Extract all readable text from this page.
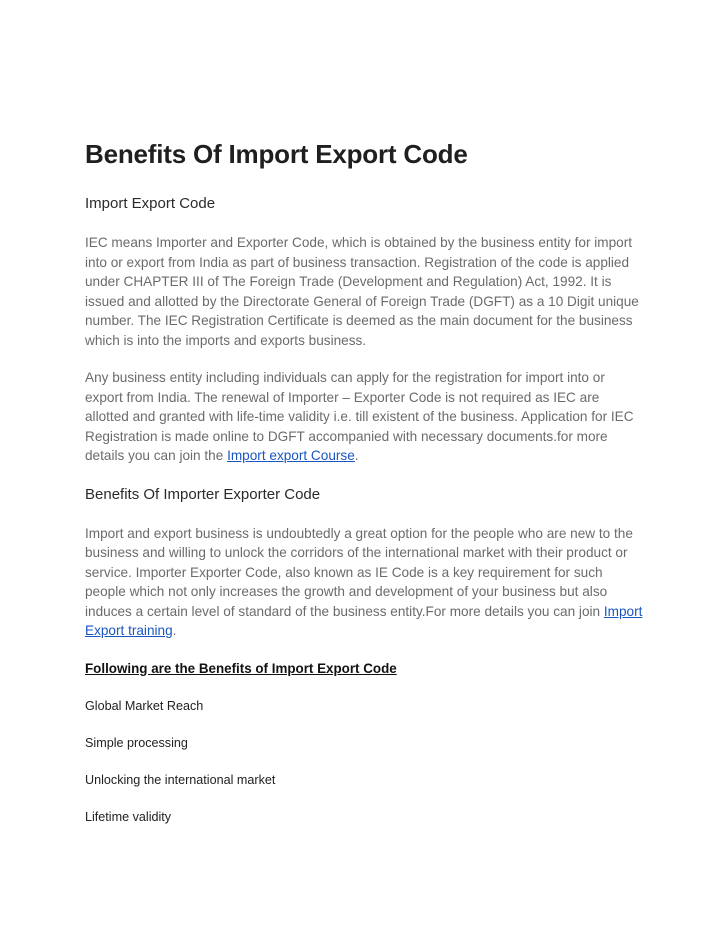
Benefits Of Import Export Code
Import Export Code

IEC means Importer and Exporter Code, which is obtained by the business entity for import into or export from India as part of business transaction. Registration of the code is applied under CHAPTER III of The Foreign Trade (Development and Regulation) Act, 1992. It is issued and allotted by the Directorate General of Foreign Trade (DGFT) as a 10 Digit unique number. The IEC Registration Certificate is deemed as the main document for the business which is into the imports and exports business.

Any business entity including individuals can apply for the registration for import into or export from India. The renewal of Importer – Exporter Code is not required as IEC are allotted and granted with life-time validity i.e. till existent of the business. Application for IEC Registration is made online to DGFT accompanied with necessary documents.for more details you can join the Import export Course.

Benefits Of Importer Exporter Code

Import and export business is undoubtedly a great option for the people who are new to the business and willing to unlock the corridors of the international market with their product or service. Importer Exporter Code, also known as IE Code is a key requirement for such people which not only increases the growth and development of your business but also induces a certain level of standard of the business entity.For more details you can join Import Export training.

Following are the Benefits of Import Export Code

Global Market Reach
Simple processing
Unlocking the international market
Lifetime validity
